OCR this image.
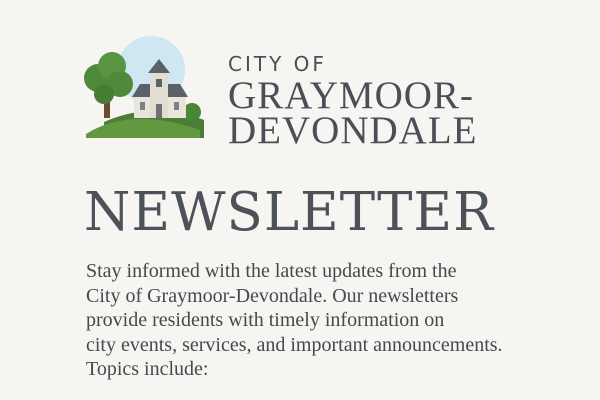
CITY OF
GRAYMOOR-
DEVONDALE
NEWSLETTER
Stay informed with the latest updates from the
City of Graymoor-Devondale. Our newsletters
provide residents with timely information on
city events, services, and important announcements.
Topics include:
